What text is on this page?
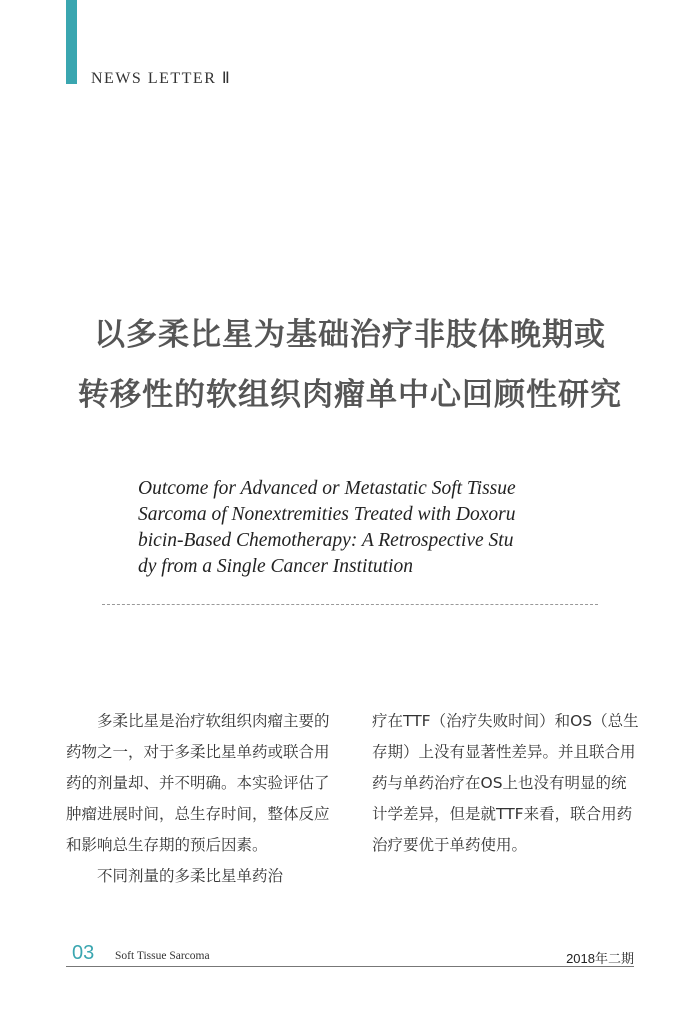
NEWS LETTER Ⅱ
以多柔比星为基础治疗非肢体晚期或
转移性的软组织肉瘤单中心回顾性研究
Outcome for Advanced or Metastatic Soft Tissue
Sarcoma of Nonextremities Treated with Doxoru
bicin-Based Chemotherapy: A Retrospective Stu
dy from a Single Cancer Institution

多柔比星是治疗软组织肉瘤主要的药物之一，对于多柔比星单药或联合用药的剂量却、并不明确。本实验评估了肿瘤进展时间，总生存时间，整体反应和影响总生存期的预后因素。

不同剂量的多柔比星单药治

疗在TTF（治疗失败时间）和OS（总生存期）上没有显著性差异。并且联合用药与单药治疗在OS上也没有明显的统计学差异，但是就TTF来看，联合用药治疗要优于单药使用。

03 Soft Tissue Sarcoma	2018年二期
